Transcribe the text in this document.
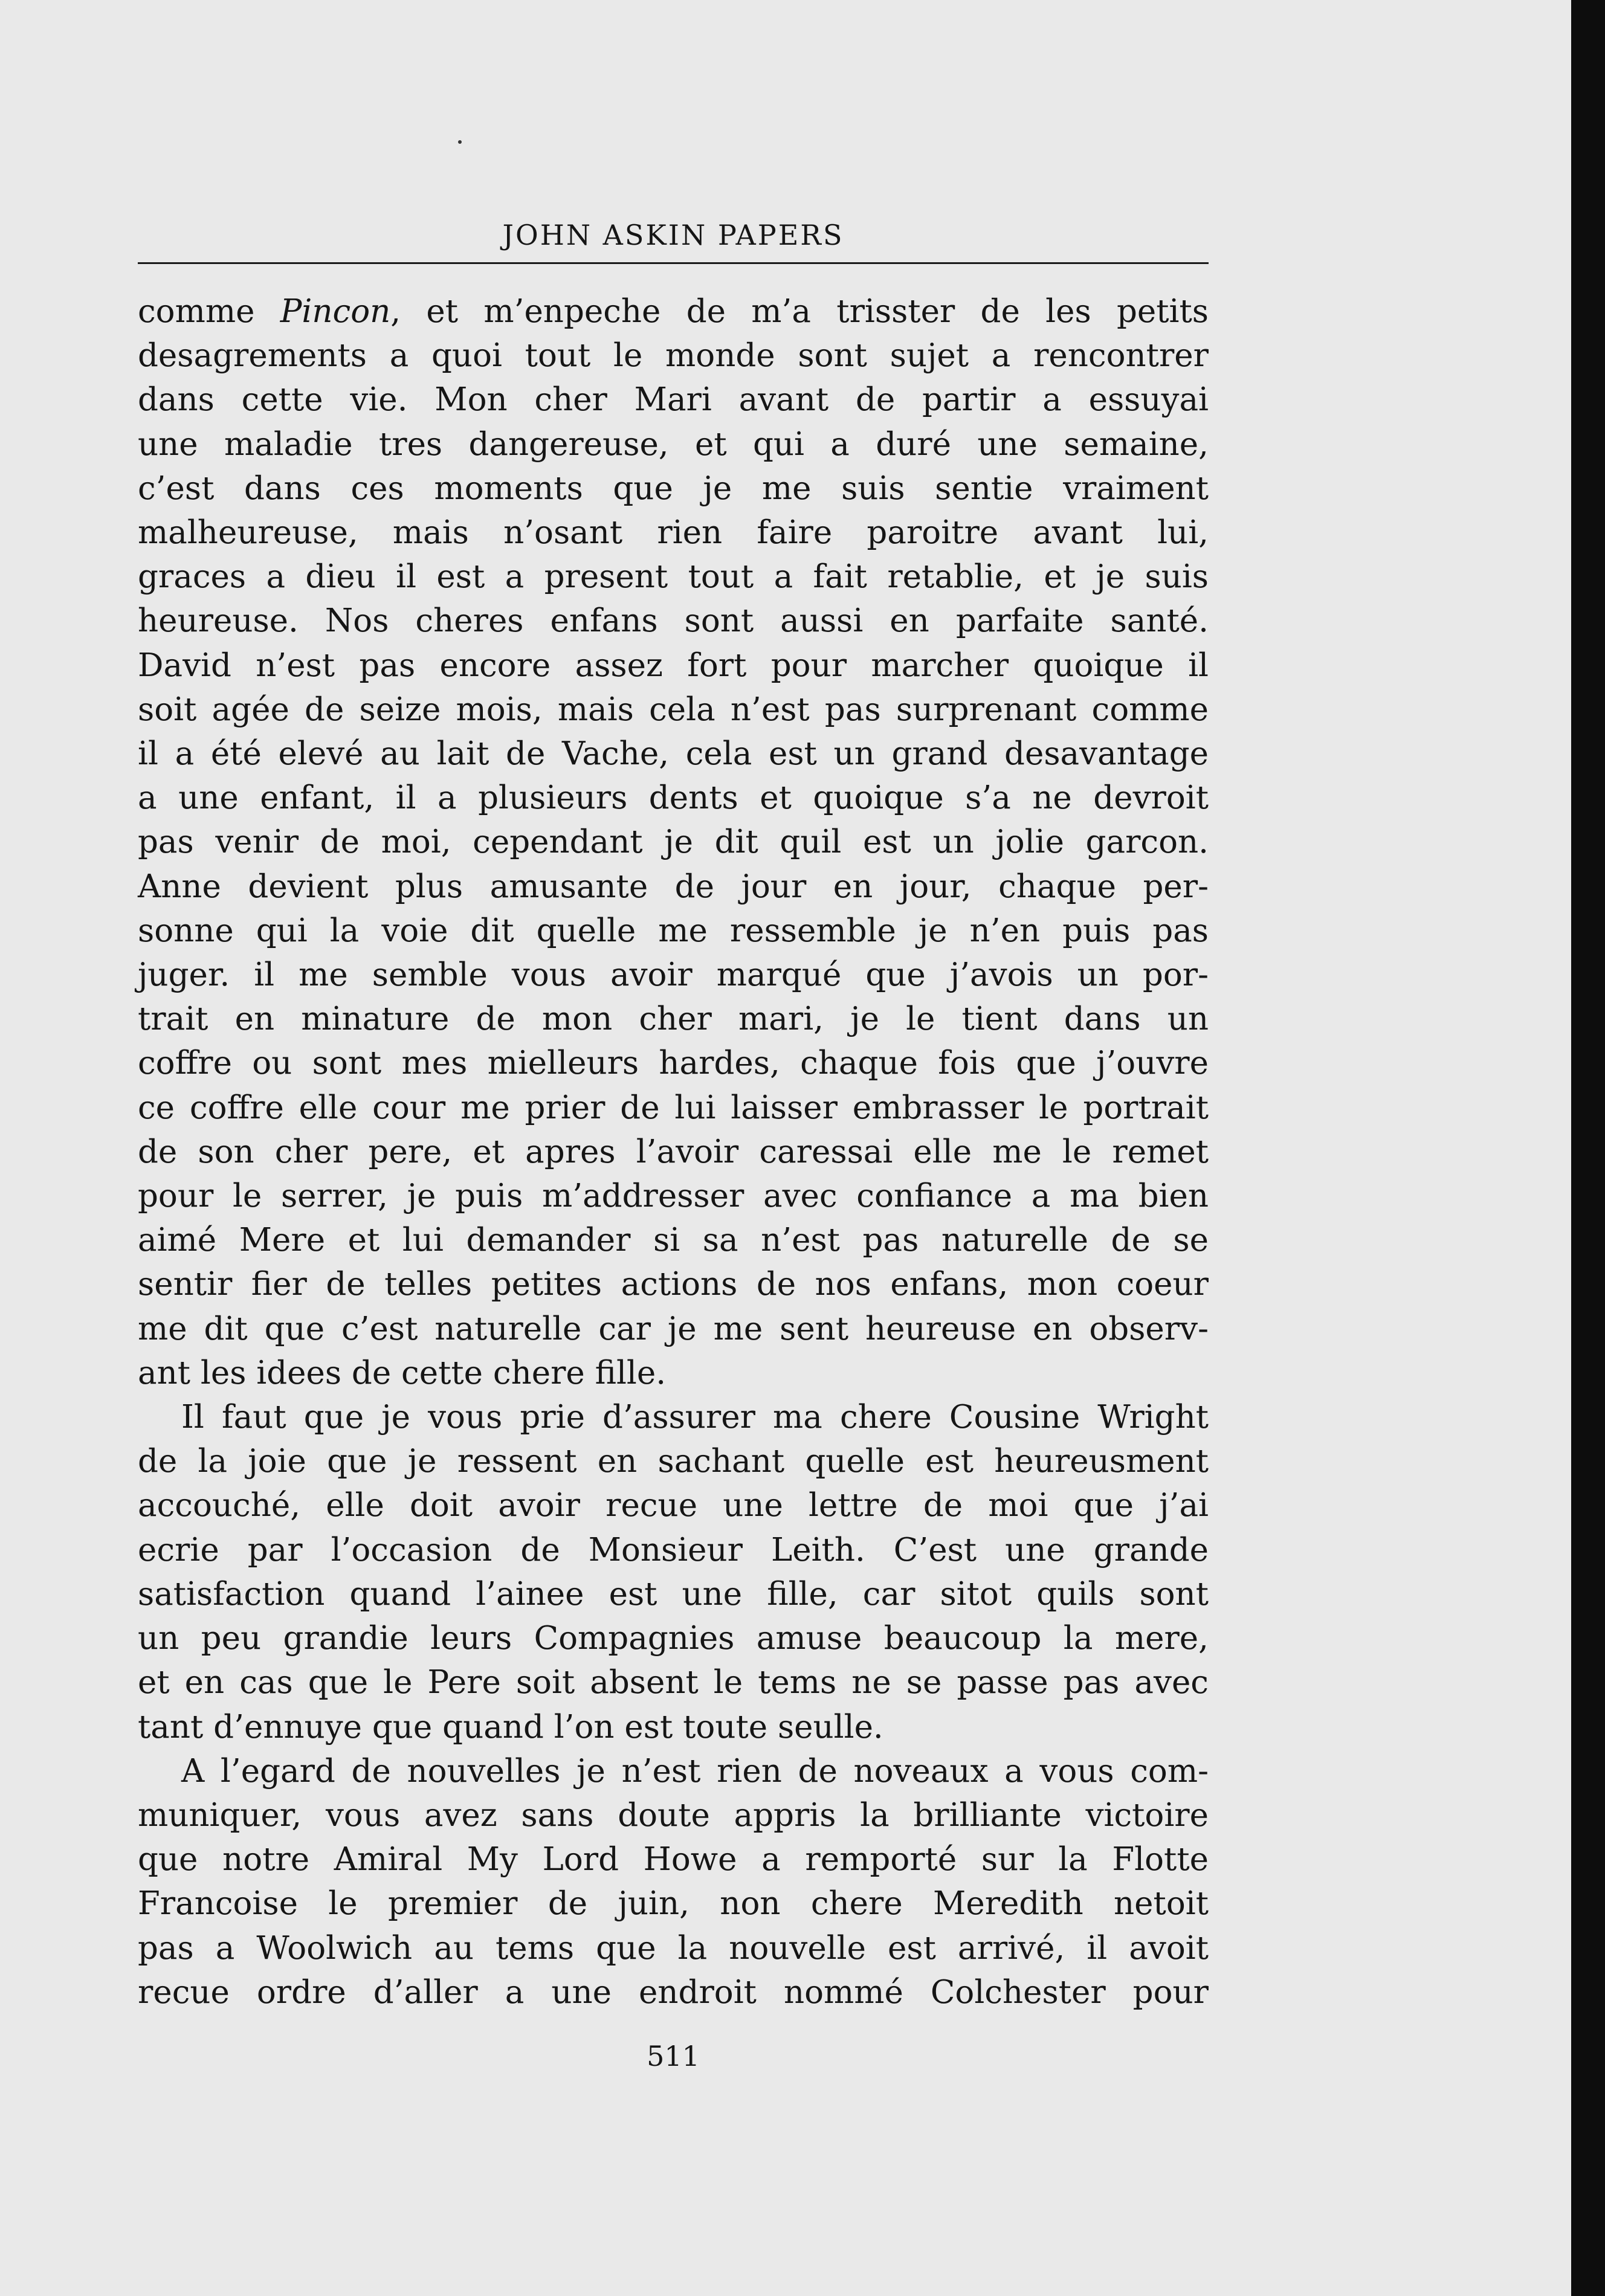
JOHN ASKIN PAPERS
comme Pincon, et m’enpeche de m’a trisster de les petits
desagrements a quoi tout le monde sont sujet a rencontrer
dans cette vie. Mon cher Mari avant de partir a essuyai
une maladie tres dangereuse, et qui a duré une semaine,
c’est dans ces moments que je me suis sentie vraiment
malheureuse, mais n’osant rien faire paroitre avant lui,
graces a dieu il est a present tout a fait retablie, et je suis
heureuse. Nos cheres enfans sont aussi en parfaite santé.
David n’est pas encore assez fort pour marcher quoique il
soit agée de seize mois, mais cela n’est pas surprenant comme
il a été elevé au lait de Vache, cela est un grand desavantage
a une enfant, il a plusieurs dents et quoique s’a ne devroit
pas venir de moi, cependant je dit quil est un jolie garcon.
Anne devient plus amusante de jour en jour, chaque per-
sonne qui la voie dit quelle me ressemble je n’en puis pas
juger. il me semble vous avoir marqué que j’avois un por-
trait en minature de mon cher mari, je le tient dans un
coffre ou sont mes mielleurs hardes, chaque fois que j’ouvre
ce coffre elle cour me prier de lui laisser embrasser le portrait
de son cher pere, et apres l’avoir caressai elle me le remet
pour le serrer, je puis m’addresser avec confiance a ma bien
aimé Mere et lui demander si sa n’est pas naturelle de se
sentir fier de telles petites actions de nos enfans, mon coeur
me dit que c’est naturelle car je me sent heureuse en observ-
ant les idees de cette chere fille.
Il faut que je vous prie d’assurer ma chere Cousine Wright
de la joie que je ressent en sachant quelle est heureusment
accouché, elle doit avoir recue une lettre de moi que j’ai
ecrie par l’occasion de Monsieur Leith. C’est une grande
satisfaction quand l’ainee est une fille, car sitot quils sont
un peu grandie leurs Compagnies amuse beaucoup la mere,
et en cas que le Pere soit absent le tems ne se passe pas avec
tant d’ennuye que quand l’on est toute seulle.
A l’egard de nouvelles je n’est rien de noveaux a vous com-
muniquer, vous avez sans doute appris la brilliante victoire
que notre Amiral My Lord Howe a remporté sur la Flotte
Francoise le premier de juin, non chere Meredith netoit
pas a Woolwich au tems que la nouvelle est arrivé, il avoit
recue ordre d’aller a une endroit nommé Colchester pour
511
